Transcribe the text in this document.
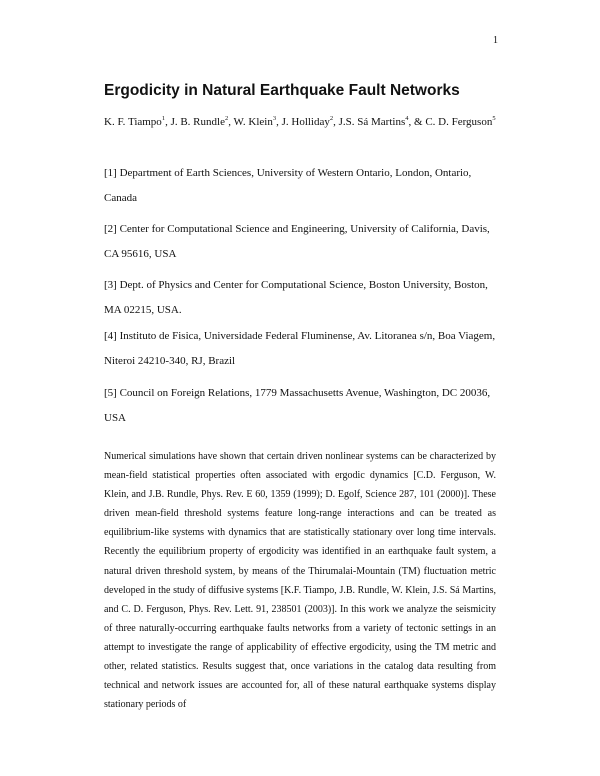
1
Ergodicity in Natural Earthquake Fault Networks
K. F. Tiampo$^1$, J. B. Rundle$^2$, W. Klein$^3$, J. Holliday$^2$, J.S. Sá Martins$^4$, & C. D. Ferguson$^5$

[1] Department of Earth Sciences, University of Western Ontario, London, Ontario, Canada

[2] Center for Computational Science and Engineering, University of California, Davis, CA 95616, USA

[3] Dept. of Physics and Center for Computational Science, Boston University, Boston, MA 02215, USA.

[4] Instituto de Fisica, Universidade Federal Fluminense, Av. Litoranea s/n, Boa Viagem, Niteroi 24210-340, RJ, Brazil

[5] Council on Foreign Relations, 1779 Massachusetts Avenue, Washington, DC 20036, USA

Numerical simulations have shown that certain driven nonlinear systems can be characterized by mean-field statistical properties often associated with ergodic dynamics [C.D. Ferguson, W. Klein, and J.B. Rundle, Phys. Rev. E 60, 1359 (1999); D. Egolf, Science 287, 101 (2000)]. These driven mean-field threshold systems feature long-range interactions and can be treated as equilibrium-like systems with dynamics that are statistically stationary over long time intervals. Recently the equilibrium property of ergodicity was identified in an earthquake fault system, a natural driven threshold system, by means of the Thirumalai-Mountain (TM) fluctuation metric developed in the study of diffusive systems [K.F. Tiampo, J.B. Rundle, W. Klein, J.S. Sá Martins, and C. D. Ferguson, Phys. Rev. Lett. 91, 238501 (2003)]. In this work we analyze the seismicity of three naturally-occurring earthquake faults networks from a variety of tectonic settings in an attempt to investigate the range of applicability of effective ergodicity, using the TM metric and other, related statistics. Results suggest that, once variations in the catalog data resulting from technical and network issues are accounted for, all of these natural earthquake systems display stationary periods of
